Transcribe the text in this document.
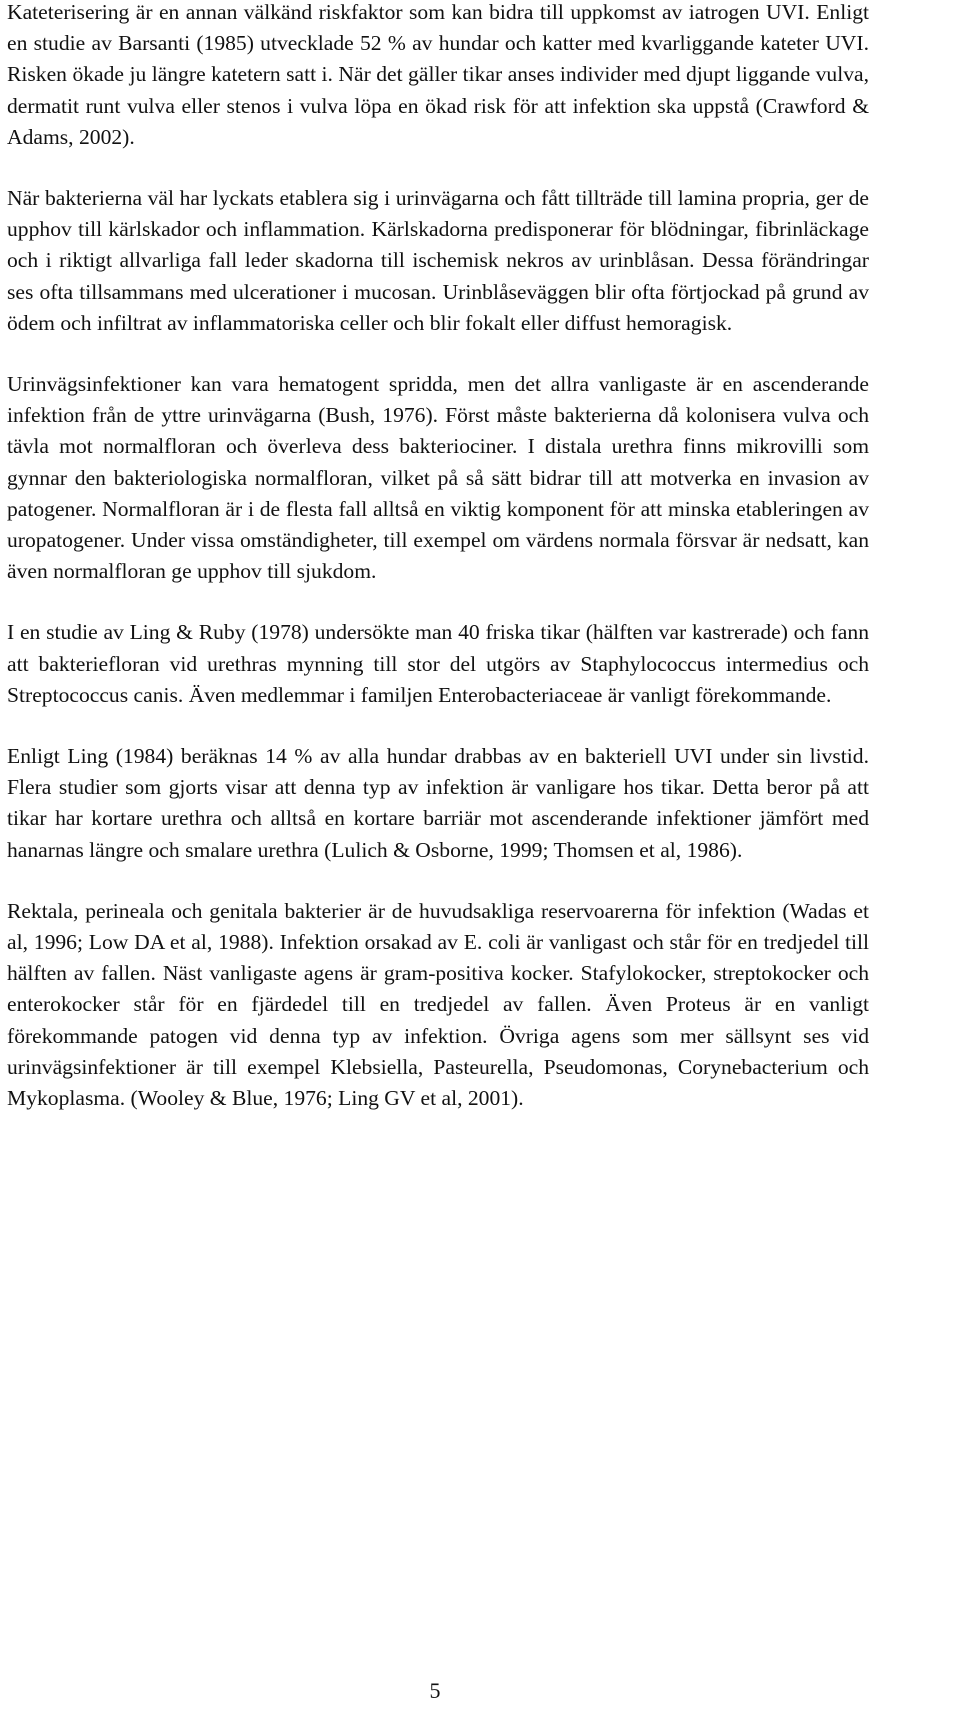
Kateterisering är en annan välkänd riskfaktor som kan bidra till uppkomst av iatrogen UVI. Enligt en studie av Barsanti (1985) utvecklade 52 % av hundar och katter med kvarliggande kateter UVI. Risken ökade ju längre katetern satt i. När det gäller tikar anses individer med djupt liggande vulva, dermatit runt vulva eller stenos i vulva löpa en ökad risk för att infektion ska uppstå (Crawford & Adams, 2002).

När bakterierna väl har lyckats etablera sig i urinvägarna och fått tillträde till lamina propria, ger de upphov till kärlskador och inflammation. Kärlskadorna predisponerar för blödningar, fibrinläckage och i riktigt allvarliga fall leder skadorna till ischemisk nekros av urinblåsan. Dessa förändringar ses ofta tillsammans med ulcerationer i mucosan. Urinblåseväggen blir ofta förtjockad på grund av ödem och infiltrat av inflammatoriska celler och blir fokalt eller diffust hemoragisk.

Urinvägsinfektioner kan vara hematogent spridda, men det allra vanligaste är en ascenderande infektion från de yttre urinvägarna (Bush, 1976). Först måste bakterierna då kolonisera vulva och tävla mot normalfloran och överleva dess bakteriociner. I distala urethra finns mikrovilli som gynnar den bakteriologiska normalfloran, vilket på så sätt bidrar till att motverka en invasion av patogener. Normalfloran är i de flesta fall alltså en viktig komponent för att minska etableringen av uropatogener. Under vissa omständigheter, till exempel om värdens normala försvar är nedsatt, kan även normalfloran ge upphov till sjukdom.

I en studie av Ling & Ruby (1978) undersökte man 40 friska tikar (hälften var kastrerade) och fann att bakteriefloran vid urethras mynning till stor del utgörs av Staphylococcus intermedius och Streptococcus canis. Även medlemmar i familjen Enterobacteriaceae är vanligt förekommande.

Enligt Ling (1984) beräknas 14 % av alla hundar drabbas av en bakteriell UVI under sin livstid. Flera studier som gjorts visar att denna typ av infektion är vanligare hos tikar. Detta beror på att tikar har kortare urethra och alltså en kortare barriär mot ascenderande infektioner jämfört med hanarnas längre och smalare urethra (Lulich & Osborne, 1999; Thomsen et al, 1986).

Rektala, perineala och genitala bakterier är de huvudsakliga reservoarerna för infektion (Wadas et al, 1996; Low DA et al, 1988). Infektion orsakad av E. coli är vanligast och står för en tredjedel till hälften av fallen. Näst vanligaste agens är gram-positiva kocker. Stafylokocker, streptokocker och enterokocker står för en fjärdedel till en tredjedel av fallen. Även Proteus är en vanligt förekommande patogen vid denna typ av infektion. Övriga agens som mer sällsynt ses vid urinvägsinfektioner är till exempel Klebsiella, Pasteurella, Pseudomonas, Corynebacterium och Mykoplasma. (Wooley & Blue, 1976; Ling GV et al, 2001).

5
